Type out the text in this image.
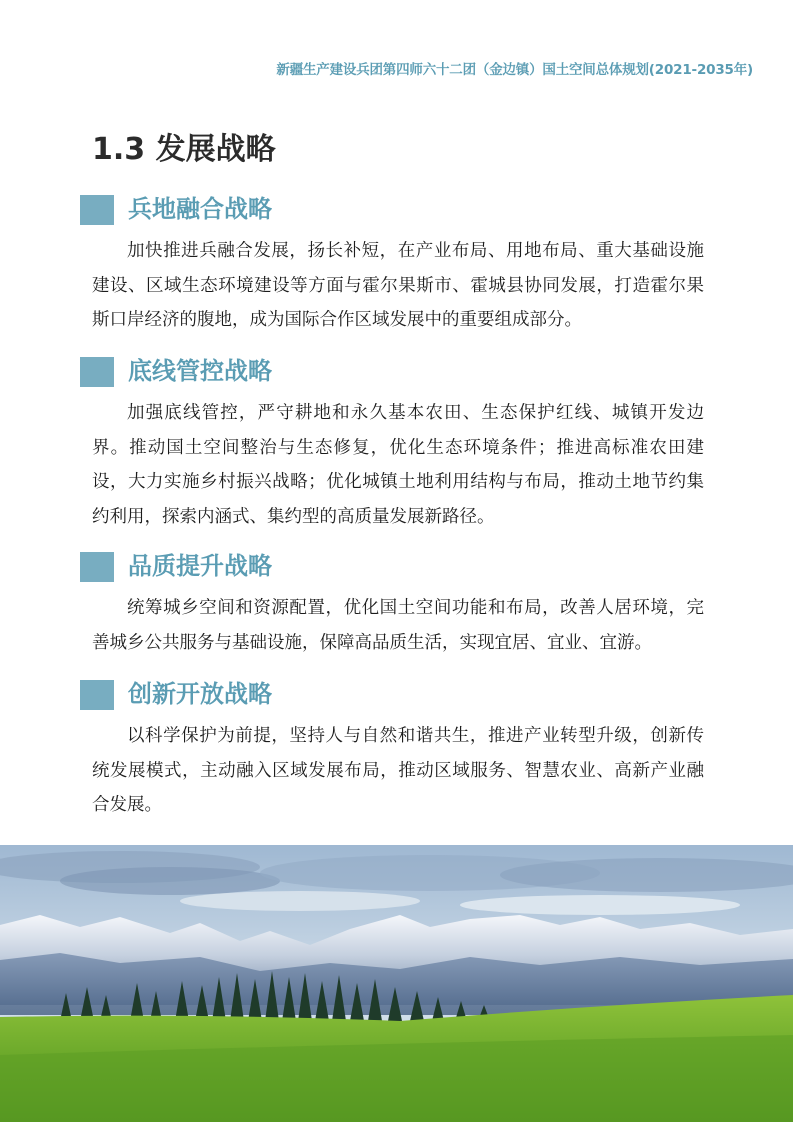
新疆生产建设兵团第四师六十二团（金边镇）国土空间总体规划(2021-2035年)
1.3 发展战略
兵地融合战略
加快推进兵融合发展，扬长补短，在产业布局、用地布局、重大基础设施建设、区域生态环境建设等方面与霍尔果斯市、霍城县协同发展，打造霍尔果斯口岸经济的腹地，成为国际合作区域发展中的重要组成部分。
底线管控战略
加强底线管控，严守耕地和永久基本农田、生态保护红线、城镇开发边界。推动国土空间整治与生态修复，优化生态环境条件；推进高标准农田建设，大力实施乡村振兴战略；优化城镇土地利用结构与布局，推动土地节约集约利用，探索内涵式、集约型的高质量发展新路径。
品质提升战略
统筹城乡空间和资源配置，优化国土空间功能和布局，改善人居环境，完善城乡公共服务与基础设施，保障高品质生活，实现宜居、宜业、宜游。
创新开放战略
以科学保护为前提，坚持人与自然和谐共生，推进产业转型升级，创新传统发展模式，主动融入区域发展布局，推动区域服务、智慧农业、高新产业融合发展。
